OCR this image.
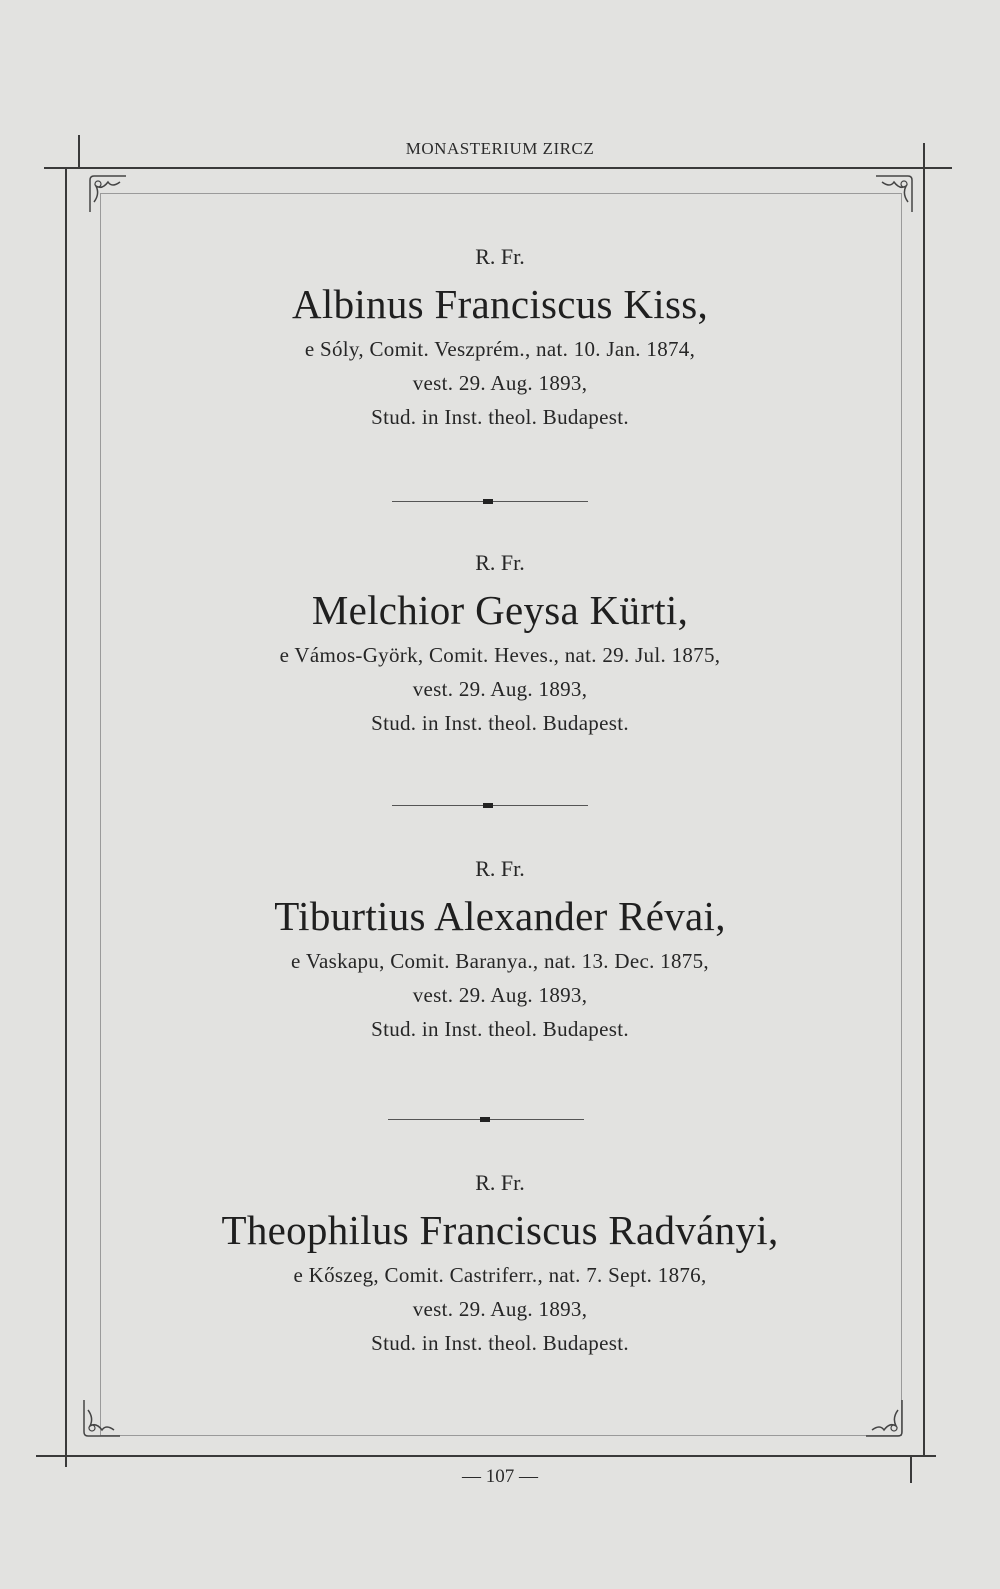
MONASTERIUM ZIRCZ

R. Fr.

Albinus Franciscus Kiss,

e Sóly, Comit. Veszprém., nat. 10. Jan. 1874,

vest. 29. Aug. 1893,

Stud. in Inst. theol. Budapest.

R. Fr.

Melchior Geysa Kürti,

e Vámos-Györk, Comit. Heves., nat. 29. Jul. 1875,

vest. 29. Aug. 1893,

Stud. in Inst. theol. Budapest.

R. Fr.

Tiburtius Alexander Révai,

e Vaskapu, Comit. Baranya., nat. 13. Dec. 1875,

vest. 29. Aug. 1893,

Stud. in Inst. theol. Budapest.

R. Fr.

Theophilus Franciscus Radványi,

e Kőszeg, Comit. Castriferr., nat. 7. Sept. 1876,

vest. 29. Aug. 1893,

Stud. in Inst. theol. Budapest.

— 107 —
